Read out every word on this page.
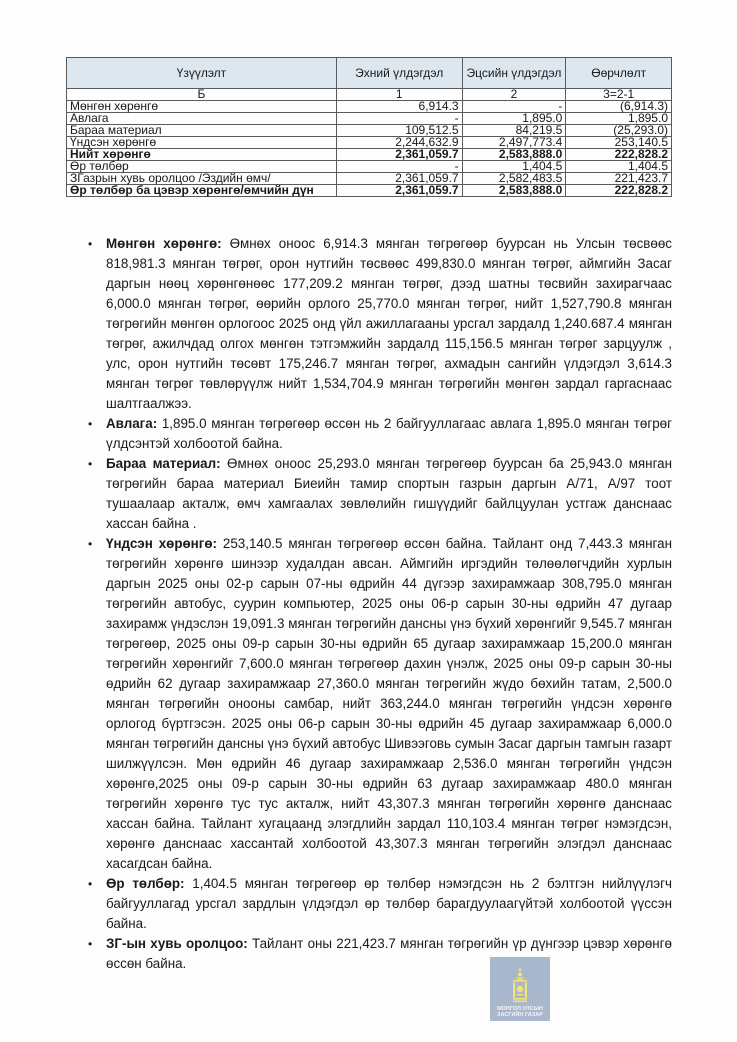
Үзүүлэлт	Эхний үлдэгдэл	Эцсийн үлдэгдэл	Өөрчлөлт
Б	1	2	3=2-1
Мөнгөн хөрөнгө	6,914.3	-	(6,914.3)
Авлага	-	1,895.0	1,895.0
Бараа материал	109,512.5	84,219.5	(25,293.0)
Үндсэн хөрөнгө	2,244,632.9	2,497,773.4	253,140.5
Нийт хөрөнгө	2,361,059.7	2,583,888.0	222,828.2
Өр төлбөр	-	1,404.5	1,404.5
ЗГазрын хувь оролцоо /Эздийн өмч/	2,361,059.7	2,582,483.5	221,423.7
Өр төлбөр ба цэвэр хөрөнгө/өмчийн дүн	2,361,059.7	2,583,888.0	222,828.2
• Мөнгөн хөрөнгө: Өмнөх оноос 6,914.3 мянган төгрөгөөр буурсан нь Улсын төсвөөс 818,981.3 мянган төгрөг, орон нутгийн төсвөөс 499,830.0 мянган төгрөг, аймгийн Засаг даргын нөөц хөрөнгөнөөс 177,209.2 мянган төгрөг, дээд шатны төсвийн захирагчаас 6,000.0 мянган төгрөг, өөрийн орлого 25,770.0 мянган төгрөг, нийт 1,527,790.8 мянган төгрөгийн мөнгөн орлогоос 2025 онд үйл ажиллагааны урсгал зардалд 1,240.687.4 мянган төгрөг, ажилчдад олгох мөнгөн тэтгэмжийн зардалд 115,156.5 мянган төгрөг зарцуулж , улс, орон нутгийн төсөвт 175,246.7 мянган төгрөг, ахмадын сангийн үлдэгдэл 3,614.3 мянган төгрөг төвлөрүүлж нийт 1,534,704.9 мянган төгрөгийн мөнгөн зардал гаргаснаас шалтгаалжээ.
• Авлага: 1,895.0 мянган төгрөгөөр өссөн нь 2 байгууллагаас авлага 1,895.0 мянган төгрөг үлдсэнтэй холбоотой байна.
• Бараа материал: Өмнөх оноос 25,293.0 мянган төгрөгөөр буурсан ба 25,943.0 мянган төгрөгийн бараа материал Биеийн тамир спортын газрын даргын А/71, А/97 тоот тушаалаар акталж, өмч хамгаалах зөвлөлийн гишүүдийг байлцуулан устгаж данснаас хассан байна .
• Үндсэн хөрөнгө: 253,140.5 мянган төгрөгөөр өссөн байна. Тайлант онд 7,443.3 мянган төгрөгийн хөрөнгө шинээр худалдан авсан. Аймгийн иргэдийн төлөөлөгчдийн хурлын даргын 2025 оны 02-р сарын 07-ны өдрийн 44 дүгээр захирамжаар 308,795.0 мянган төгрөгийн автобус, суурин компьютер, 2025 оны 06-р сарын 30-ны өдрийн 47 дугаар захирамж үндэслэн 19,091.3 мянган төгрөгийн дансны үнэ бүхий хөрөнгийг 9,545.7 мянган төгрөгөөр, 2025 оны 09-р сарын 30-ны өдрийн 65 дугаар захирамжаар 15,200.0 мянган төгрөгийн хөрөнгийг 7,600.0 мянган төгрөгөөр дахин үнэлж, 2025 оны 09-р сарын 30-ны өдрийн 62 дугаар захирамжаар 27,360.0 мянган төгрөгийн жүдо бөхийн татам, 2,500.0 мянган төгрөгийн онооны самбар, нийт 363,244.0 мянган төгрөгийн үндсэн хөрөнгө орлогод бүртгэсэн. 2025 оны 06-р сарын 30-ны өдрийн 45 дугаар захирамжаар 6,000.0 мянган төгрөгийн дансны үнэ бүхий автобус Шивээговь сумын Засаг даргын тамгын газарт шилжүүлсэн. Мөн өдрийн 46 дугаар захирамжаар 2,536.0 мянган төгрөгийн үндсэн хөрөнгө,2025 оны 09-р сарын 30-ны өдрийн 63 дугаар захирамжаар 480.0 мянган төгрөгийн хөрөнгө тус тус акталж, нийт 43,307.3 мянган төгрөгийн хөрөнгө данснаас хассан байна. Тайлант хугацаанд элэгдлийн зардал 110,103.4 мянган төгрөг нэмэгдсэн, хөрөнгө данснаас хассантай холбоотой 43,307.3 мянган төгрөгийн элэгдэл данснаас хасагдсан байна.
• Өр төлбөр: 1,404.5 мянган төгрөгөөр өр төлбөр нэмэгдсэн нь 2 бэлтгэн нийлүүлэгч байгууллагад урсгал зардлын үлдэгдэл өр төлбөр барагдуулаагүйтэй холбоотой үүссэн байна.
• ЗГ-ын хувь оролцоо: Тайлант оны 221,423.7 мянган төгрөгийн үр дүнгээр цэвэр хөрөнгө өссөн байна.
МОНГОЛ УЛСЫН
ЗАСГИЙН ГАЗАР
